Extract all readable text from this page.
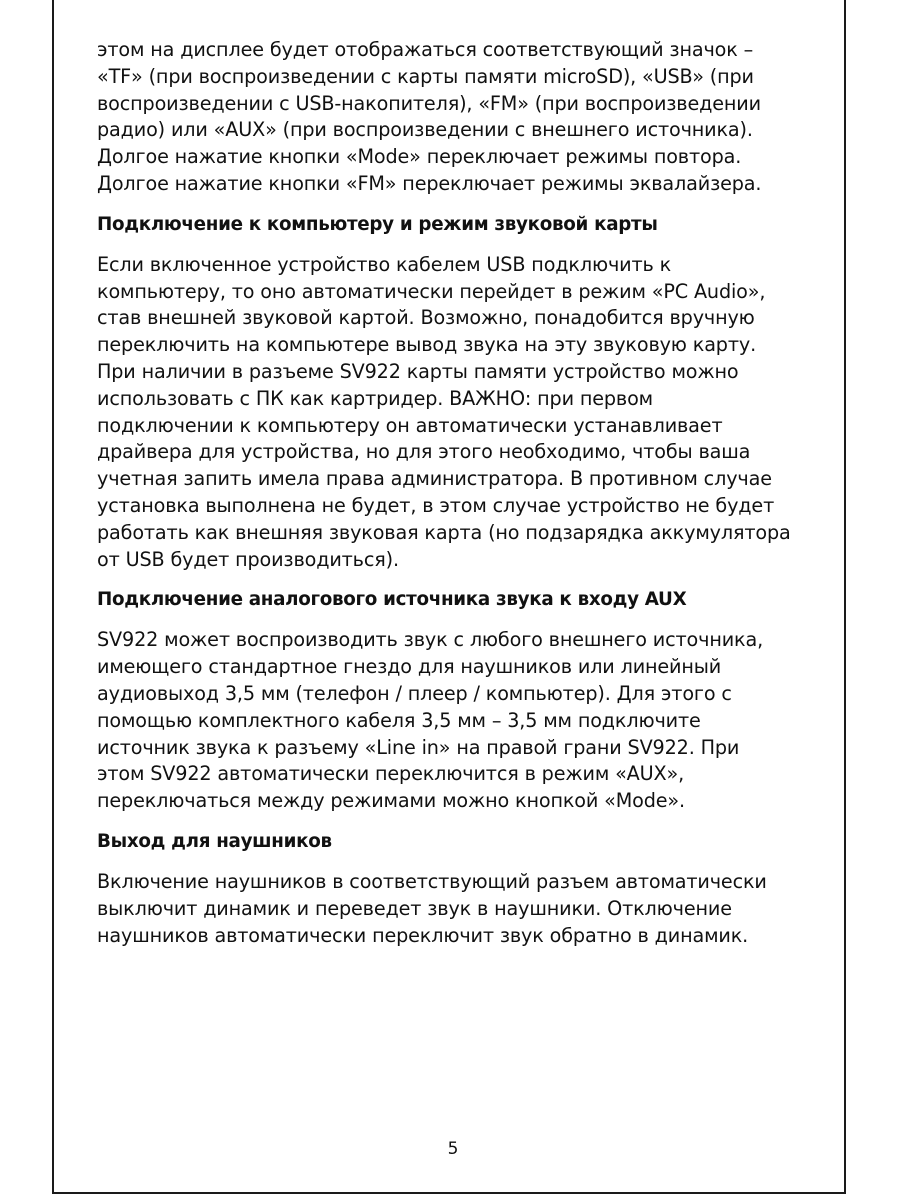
этом на дисплее будет отображаться соответствующий значок –
«TF» (при воспроизведении с карты памяти microSD), «USB» (при
воспроизведении с USB-накопителя), «FM» (при воспроизведении
радио) или «AUX» (при воспроизведении с внешнего источника).
Долгое нажатие кнопки «Mode» переключает режимы повтора.
Долгое нажатие кнопки «FM» переключает режимы эквалайзера.

Подключение к компьютеру и режим звуковой карты

Если включенное устройство кабелем USB подключить к
компьютеру, то оно автоматически перейдет в режим «PC Audio»,
став внешней звуковой картой. Возможно, понадобится вручную
переключить на компьютере вывод звука на эту звуковую карту.
При наличии в разъеме SV922 карты памяти устройство можно
использовать с ПК как картридер. ВАЖНО: при первом
подключении к компьютеру он автоматически устанавливает
драйвера для устройства, но для этого необходимо, чтобы ваша
учетная запить имела права администратора. В противном случае
установка выполнена не будет, в этом случае устройство не будет
работать как внешняя звуковая карта (но подзарядка аккумулятора
от USB будет производиться).

Подключение аналогового источника звука к входу AUX

SV922 может воспроизводить звук с любого внешнего источника,
имеющего стандартное гнездо для наушников или линейный
аудиовыход 3,5 мм (телефон / плеер / компьютер). Для этого с
помощью комплектного кабеля 3,5 мм – 3,5 мм подключите
источник звука к разъему «Line in» на правой грани SV922. При
этом SV922 автоматически переключится в режим «AUX»,
переключаться между режимами можно кнопкой «Mode».

Выход для наушников

Включение наушников в соответствующий разъем автоматически
выключит динамик и переведет звук в наушники. Отключение
наушников автоматически переключит звук обратно в динамик.

5
